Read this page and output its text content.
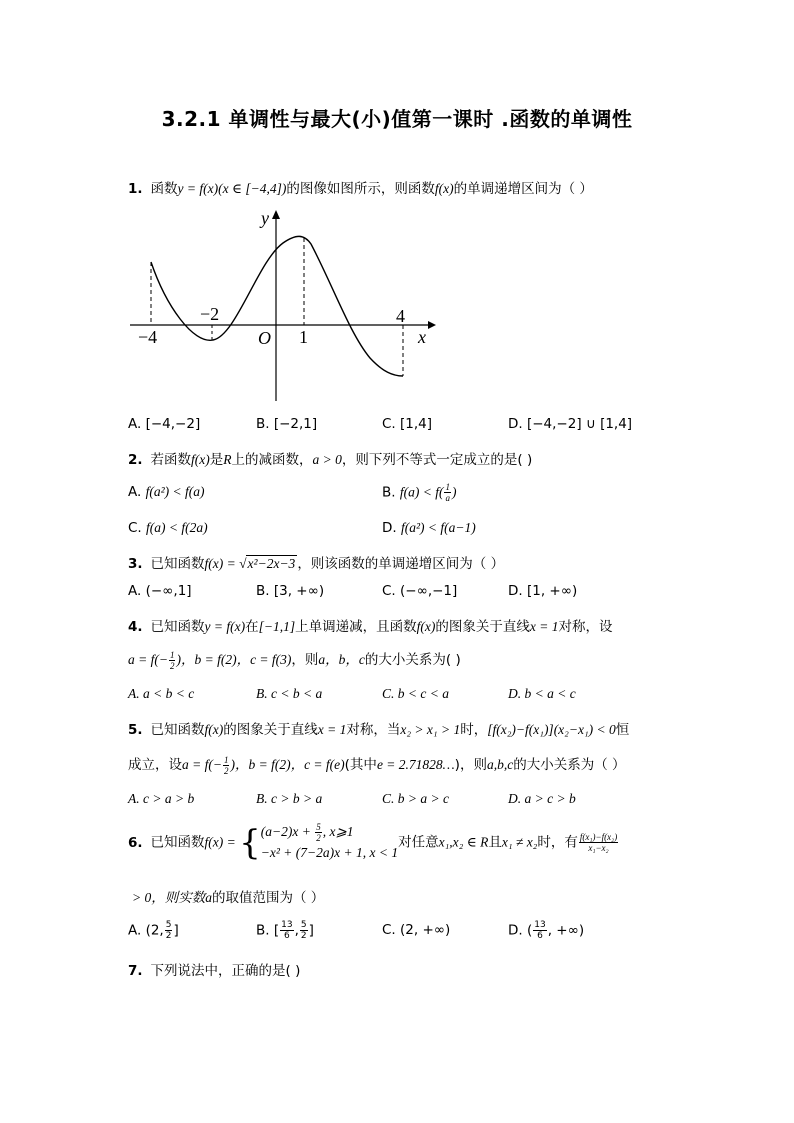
3.2.1 单调性与最大(小)值第一课时 .函数的单调性
1. 函数y = f(x)(x ∈ [−4,4])的图像如图所示，则函数f(x)的单调递增区间为（ ）
y
x
O
−4
−2
1
4
A. [−4,−2]	B. [−2,1]	C. [1,4]	D. [−4,−2] ∪ [1,4]
2. 若函数f(x)是R上的减函数，a > 0，则下列不等式一定成立的是( )
A. f(a²) < f(a)	B. $f(a) < f( \frac{1}{a}$ )
C. f(a) < f(2a)	D. f(a²) < f(a−1)
3. 已知函数f(x) = √x²−2x−3 ，则该函数的单调递增区间为（ ）
A. (−∞,1]	B. [3, +∞)	C. (−∞,−1]	D. [1, +∞)
4. 已知函数y = f(x)在[−1,1]上单调递减，且函数f(x)的图象关于直线x = 1对称，设
$a = f(- \frac{1}{2}$ )，b = f(2)，c = f(3)，则a，b，c的大小关系为( )
A. a < b < c	B. c < b < a	C. b < c < a	D. b < a < c
5. 已知函数f(x)的图象关于直线x = 1对称，当x₂ > x₁ > 1时，[f(x₂)−f(x₁)](x₂−x₁) < 0恒
成立，设$a = f(- \frac{1}{2}$ )，b = f(2)，c = f(e)(其中e = 2.71828…)，则a,b,c的大小关系为（ ）
A. c > a > b	B. c > b > a	C. b > a > c	D. a > c > b
6. 已知函数f(x) = { $(a-2)x + \frac{5}{2}$ , x⩾1
−x² + (7−2a)x + 1, x < 1
对任意x₁,x₂ ∈ R且x₁ ≠ x₂时，有 $\frac{\text{f(x₁)−f(x₂)}}{\text{x₁−x₂}}$
> 0，则实数a的取值范围为（ ）
A. (2, $\frac{5}{2}$ ]	B. [ $\frac{13}{6}$ , $\frac{5}{2}$ ]	C. (2, +∞)	D. ( $\frac{13}{6}$ , +∞)
7. 下列说法中，正确的是( )
